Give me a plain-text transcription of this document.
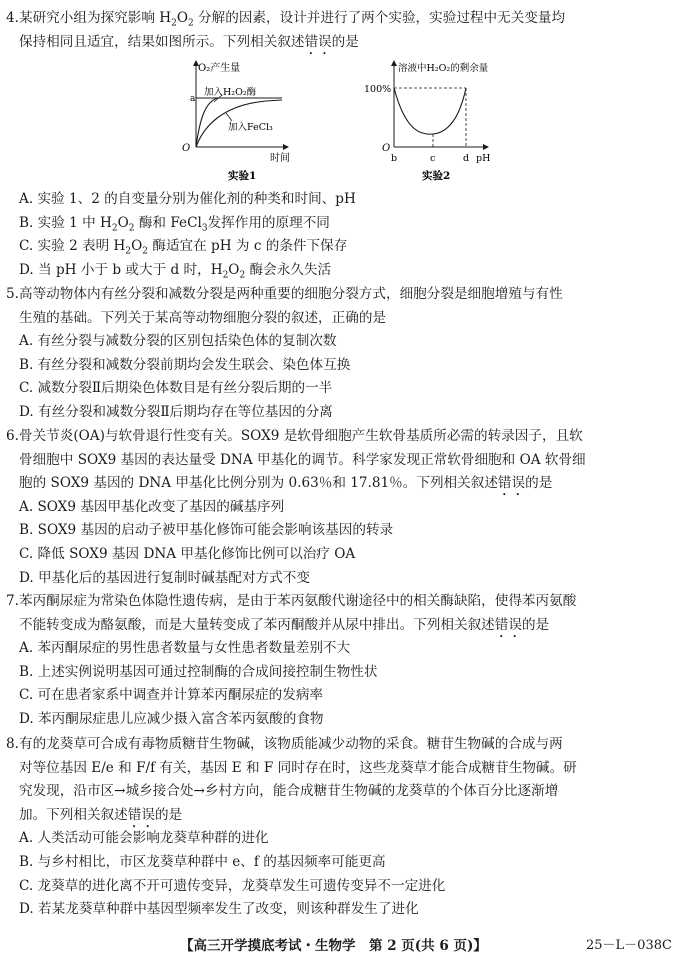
4.某研究小组为探究影响 $H_2O_2$ 分解的因素，设计并进行了两个实验，实验过程中无关变量均
保持相同且适宜，结果如图所示。下列相关叙述错误的是
O₂产生量
a
加入H₂O₂酶
加入FeCl₃
O
时间
实验1
溶液中H₂O₂的剩余量
100%
O
b	c	d pH
实验2
A. 实验 1、2 的自变量分别为催化剂的种类和时间、pH
B. 实验 1 中 $H_2O_2$ 酶和 FeCl$_3$发挥作用的原理不同
C. 实验 2 表明 $H_2O_2$ 酶适宜在 pH 为 c 的条件下保存
D. 当 pH 小于 b 或大于 d 时，$H_2O_2$ 酶会永久失活
5.高等动物体内有丝分裂和减数分裂是两种重要的细胞分裂方式，细胞分裂是细胞增殖与有性
生殖的基础。下列关于某高等动物细胞分裂的叙述，正确的是
A. 有丝分裂与减数分裂的区别包括染色体的复制次数
B. 有丝分裂和减数分裂前期均会发生联会、染色体互换
C. 减数分裂Ⅱ后期染色体数目是有丝分裂后期的一半
D. 有丝分裂和减数分裂Ⅱ后期均存在等位基因的分离
6.骨关节炎(OA)与软骨退行性变有关。SOX9 是软骨细胞产生软骨基质所必需的转录因子，且软
骨细胞中 SOX9 基因的表达量受 DNA 甲基化的调节。科学家发现正常软骨细胞和 OA 软骨细
胞的 SOX9 基因的 DNA 甲基化比例分别为 0.63％和 17.81％。下列相关叙述错误的是
A. SOX9 基因甲基化改变了基因的碱基序列
B. SOX9 基因的启动子被甲基化修饰可能会影响该基因的转录
C. 降低 SOX9 基因 DNA 甲基化修饰比例可以治疗 OA
D. 甲基化后的基因进行复制时碱基配对方式不变
7.苯丙酮尿症为常染色体隐性遗传病，是由于苯丙氨酸代谢途径中的相关酶缺陷，使得苯丙氨酸
不能转变成为酪氨酸，而是大量转变成了苯丙酮酸并从尿中排出。下列相关叙述错误的是
A. 苯丙酮尿症的男性患者数量与女性患者数量差别不大
B. 上述实例说明基因可通过控制酶的合成间接控制生物性状
C. 可在患者家系中调查并计算苯丙酮尿症的发病率
D. 苯丙酮尿症患儿应减少摄入富含苯丙氨酸的食物
8.有的龙葵草可合成有毒物质糖苷生物碱，该物质能减少动物的采食。糖苷生物碱的合成与两
对等位基因 E/e 和 F/f 有关，基因 E 和 F 同时存在时，这些龙葵草才能合成糖苷生物碱。研
究发现，沿市区→城乡接合处→乡村方向，能合成糖苷生物碱的龙葵草的个体百分比逐渐增
加。下列相关叙述错误的是
A. 人类活动可能会影响龙葵草种群的进化
B. 与乡村相比，市区龙葵草种群中 e、f 的基因频率可能更高
C. 龙葵草的进化离不开可遗传变异，龙葵草发生可遗传变异不一定进化
D. 若某龙葵草种群中基因型频率发生了改变，则该种群发生了进化
【高三开学摸底考试・生物学　第 2 页(共 6 页)】	25－L－038C
